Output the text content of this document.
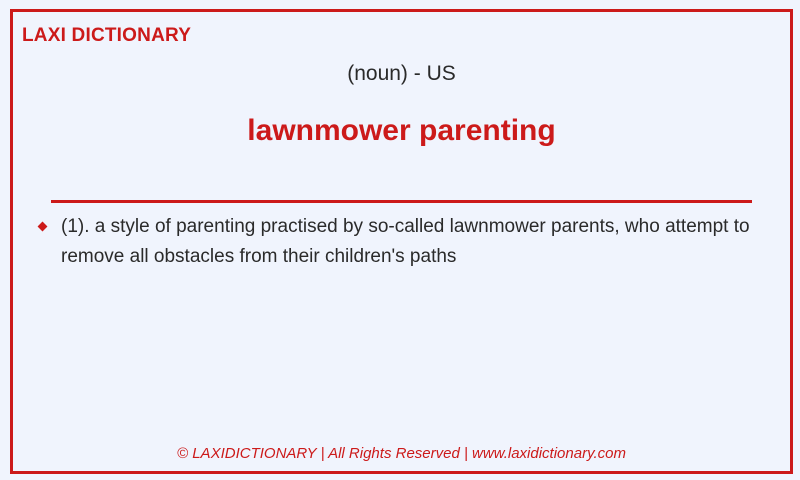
LAXI DICTIONARY
(noun) - US
lawnmower parenting
(1). a style of parenting practised by so-called lawnmower parents, who attempt to remove all obstacles from their children's paths
© LAXIDICTIONARY | All Rights Reserved | www.laxidictionary.com
